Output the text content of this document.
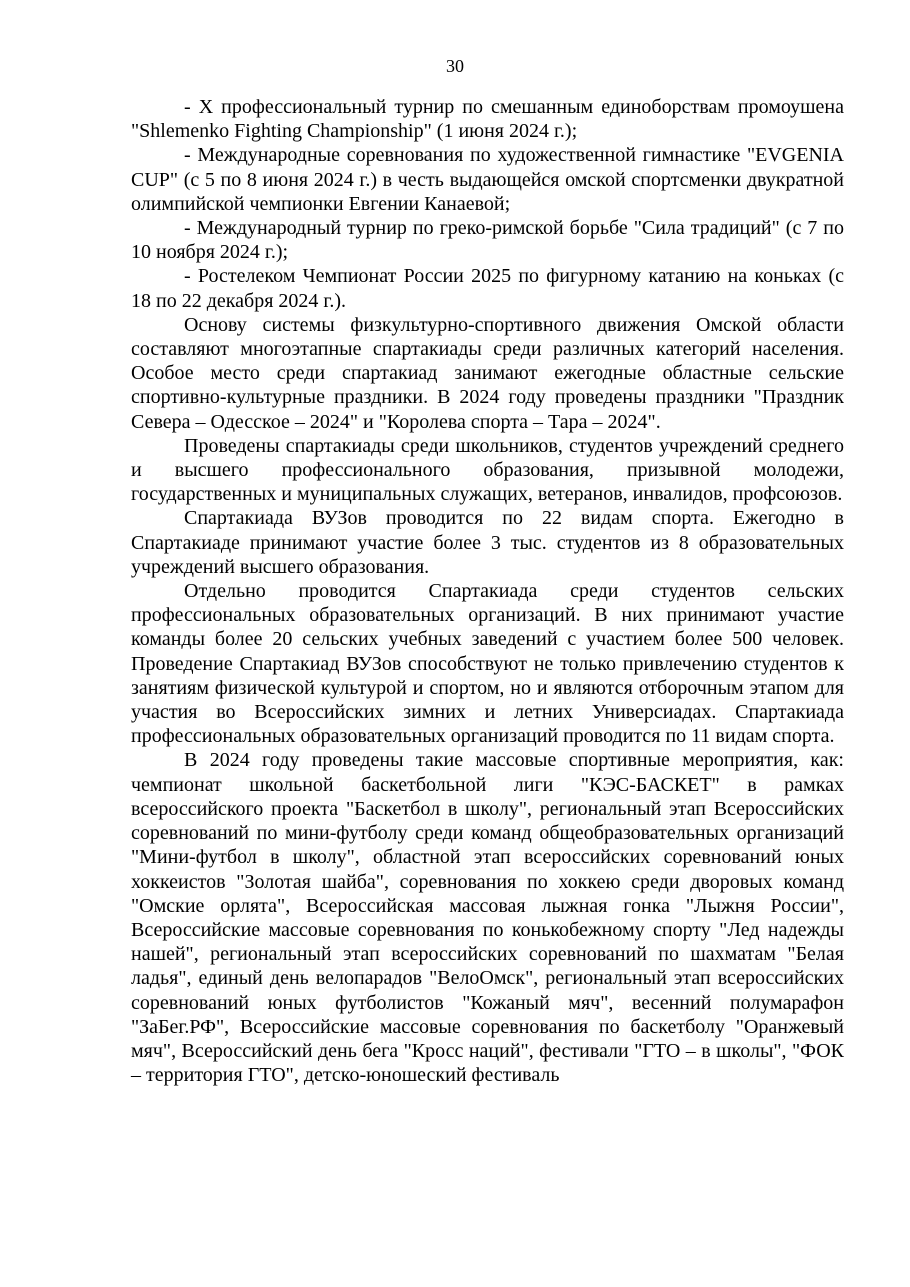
30

- X профессиональный турнир по смешанным единоборствам промоушена "Shlemenko Fighting Championship" (1 июня 2024 г.);

- Международные соревнования по художественной гимнастике "EVGENIA CUP" (с 5 по 8 июня 2024 г.) в честь выдающейся омской спортсменки двукратной олимпийской чемпионки Евгении Канаевой;

- Международный турнир по греко-римской борьбе "Сила традиций" (с 7 по 10 ноября 2024 г.);

- Ростелеком Чемпионат России 2025 по фигурному катанию на коньках (с 18 по 22 декабря 2024 г.).

Основу системы физкультурно-спортивного движения Омской области составляют многоэтапные спартакиады среди различных категорий населения. Особое место среди спартакиад занимают ежегодные областные сельские спортивно-культурные праздники. В 2024 году проведены праздники "Праздник Севера – Одесское – 2024" и "Королева спорта – Тара – 2024".

Проведены спартакиады среди школьников, студентов учреждений среднего и высшего профессионального образования, призывной молодежи, государственных и муниципальных служащих, ветеранов, инвалидов, профсоюзов.

Спартакиада ВУЗов проводится по 22 видам спорта. Ежегодно в Спартакиаде принимают участие более 3 тыс. студентов из 8 образовательных учреждений высшего образования.

Отдельно проводится Спартакиада среди студентов сельских профессиональных образовательных организаций. В них принимают участие команды более 20 сельских учебных заведений с участием более 500 человек. Проведение Спартакиад ВУЗов способствуют не только привлечению студентов к занятиям физической культурой и спортом, но и являются отборочным этапом для участия во Всероссийских зимних и летних Универсиадах. Спартакиада профессиональных образовательных организаций проводится по 11 видам спорта.

В 2024 году проведены такие массовые спортивные мероприятия, как: чемпионат школьной баскетбольной лиги "КЭС-БАСКЕТ" в рамках всероссийского проекта "Баскетбол в школу", региональный этап Всероссийских соревнований по мини-футболу среди команд общеобразовательных организаций "Мини-футбол в школу", областной этап всероссийских соревнований юных хоккеистов "Золотая шайба", соревнования по хоккею среди дворовых команд "Омские орлята", Всероссийская массовая лыжная гонка "Лыжня России", Всероссийские массовые соревнования по конькобежному спорту "Лед надежды нашей", региональный этап всероссийских соревнований по шахматам "Белая ладья", единый день велопарадов "ВелоОмск", региональный этап всероссийских соревнований юных футболистов "Кожаный мяч", весенний полумарафон "ЗаБег.РФ", Всероссийские массовые соревнования по баскетболу "Оранжевый мяч", Всероссийский день бега "Кросс наций", фестивали "ГТО – в школы", "ФОК – территория ГТО", детско-юношеский фестиваль
